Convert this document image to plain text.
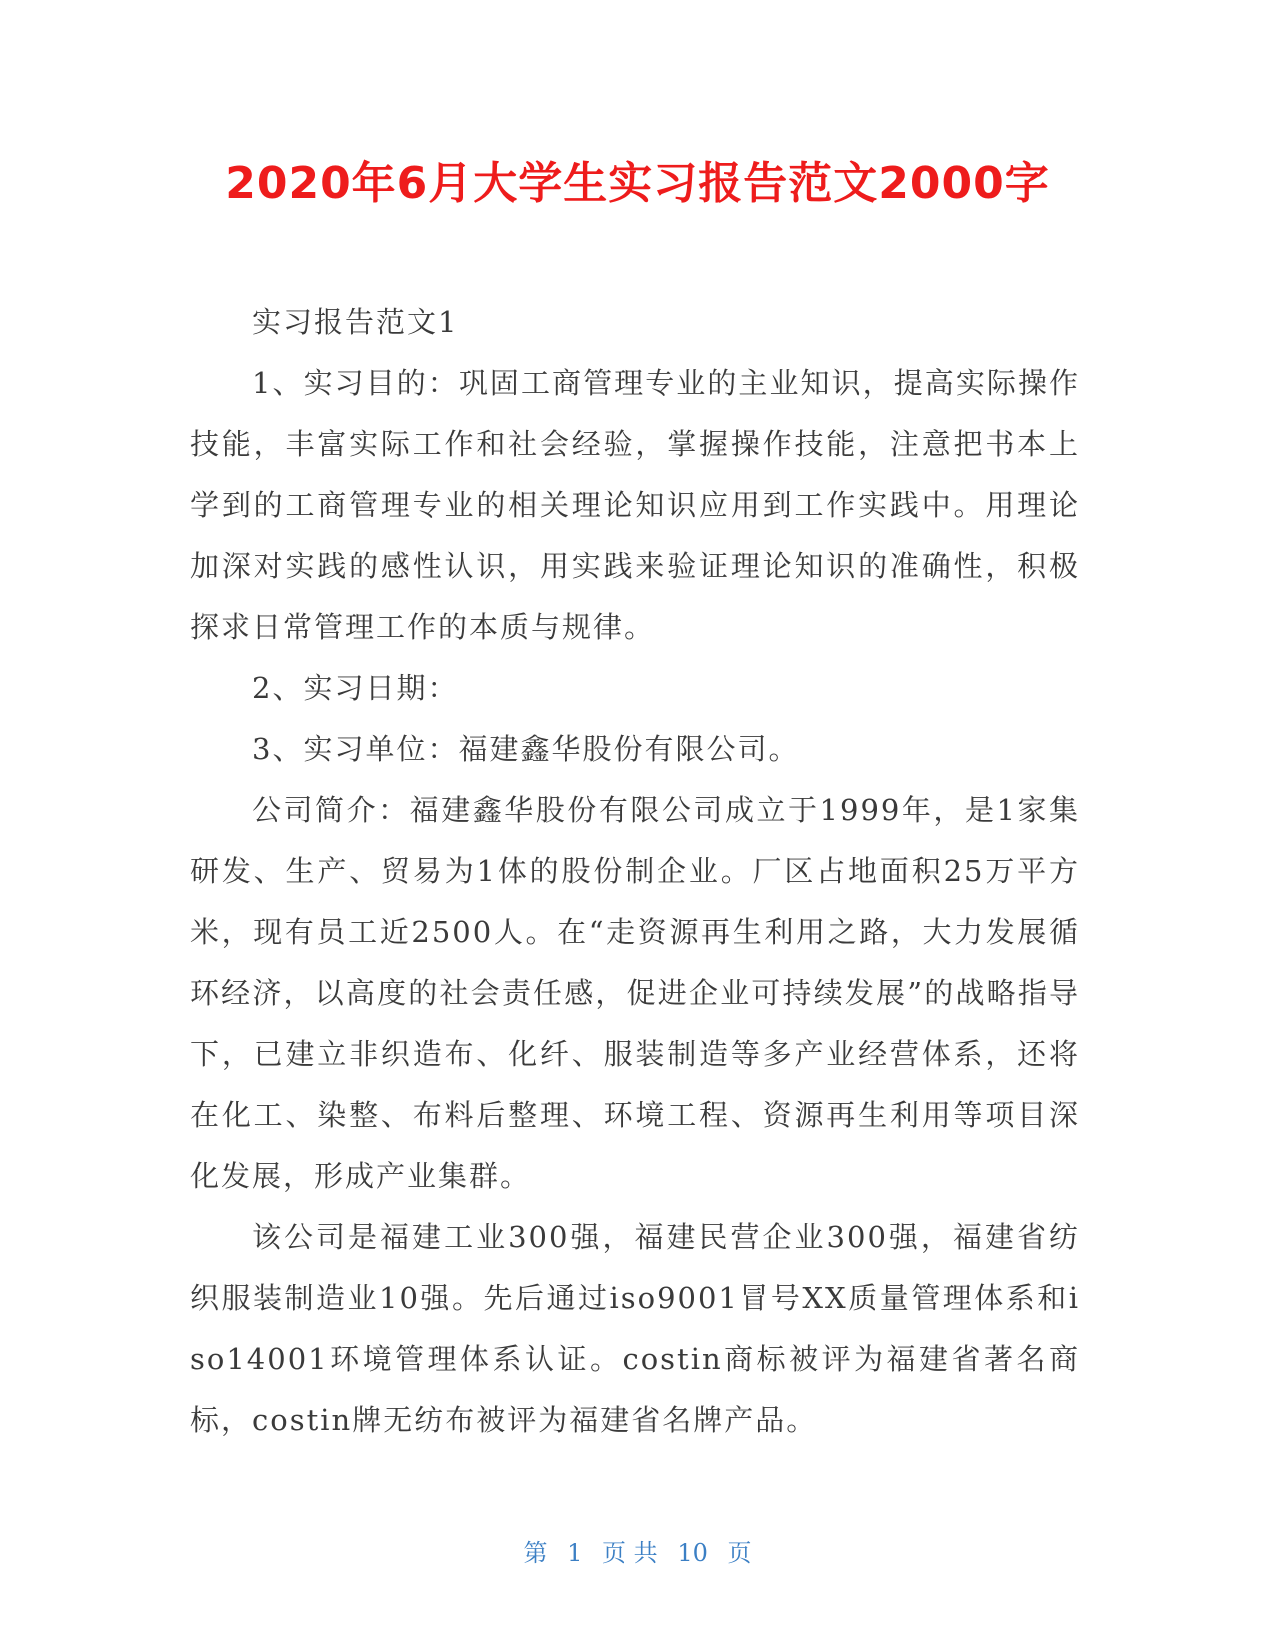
2020年6月大学生实习报告范文2000字

实习报告范文1

1、实习目的：巩固工商管理专业的主业知识，提高实际操作技能，丰富实际工作和社会经验，掌握操作技能，注意把书本上学到的工商管理专业的相关理论知识应用到工作实践中。用理论加深对实践的感性认识，用实践来验证理论知识的准确性，积极探求日常管理工作的本质与规律。

2、实习日期：

3、实习单位：福建鑫华股份有限公司。

公司简介：福建鑫华股份有限公司成立于1999年，是1家集研发、生产、贸易为1体的股份制企业。厂区占地面积25万平方米，现有员工近2500人。在“走资源再生利用之路，大力发展循环经济，以高度的社会责任感，促进企业可持续发展”的战略指导下，已建立非织造布、化纤、服装制造等多产业经营体系，还将在化工、染整、布料后整理、环境工程、资源再生利用等项目深化发展，形成产业集群。

该公司是福建工业300强，福建民营企业300强，福建省纺织服装制造业10强。先后通过iso9001冒号XX质量管理体系和iso14001环境管理体系认证。costin商标被评为福建省著名商标，costin牌无纺布被评为福建省名牌产品。

第 1 页 共 10 页
